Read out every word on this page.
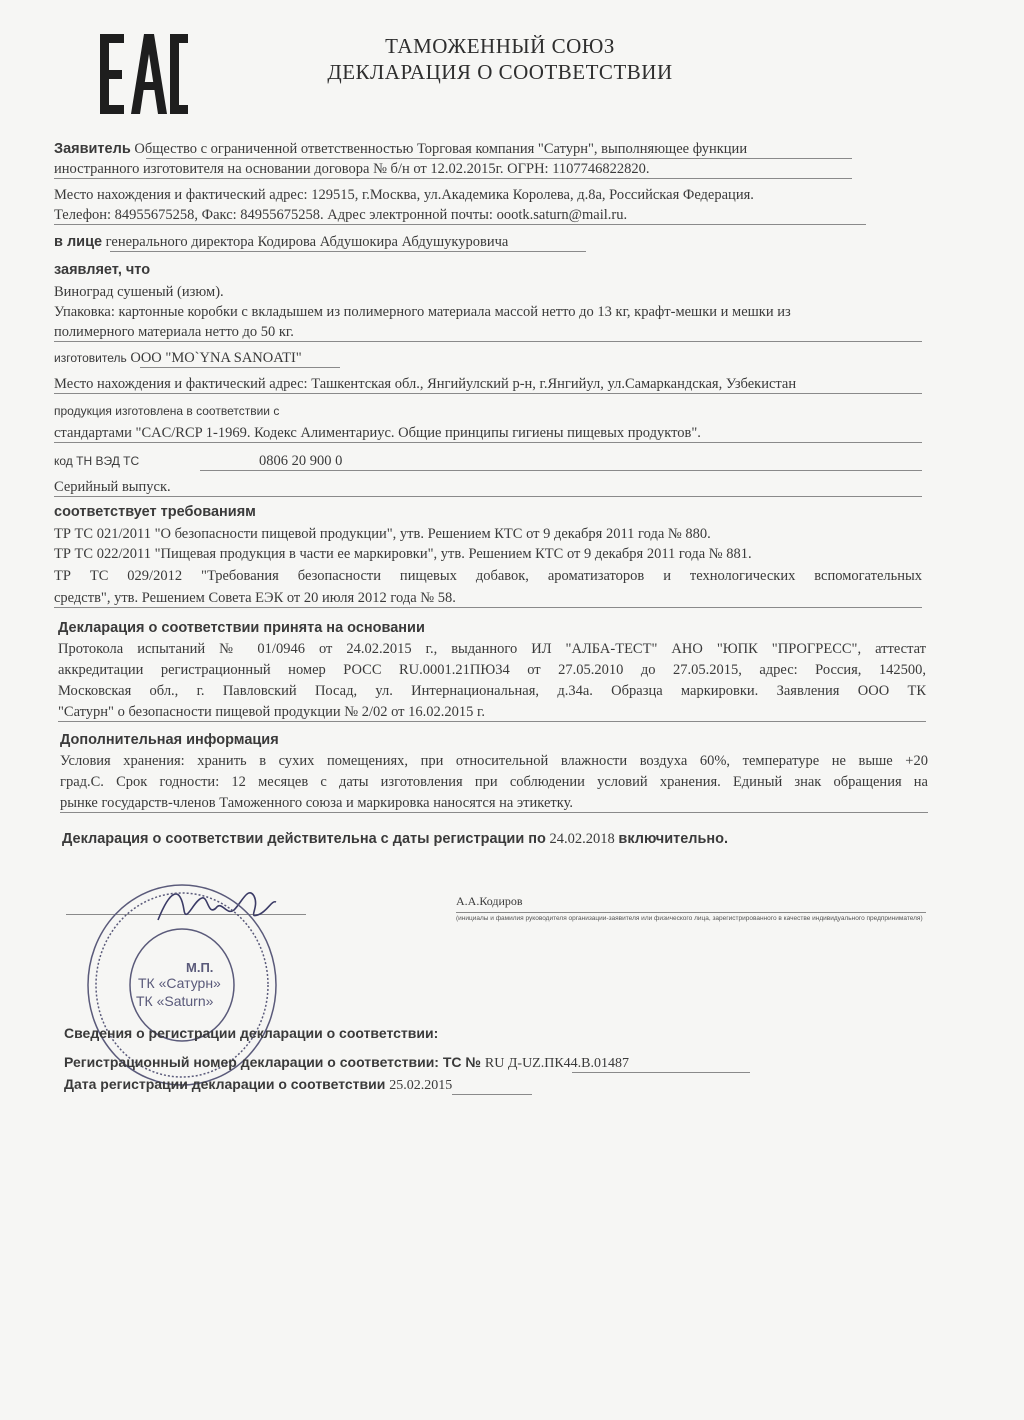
ТАМОЖЕННЫЙ СОЮЗ
ДЕКЛАРАЦИЯ О СООТВЕТСТВИИ
Заявитель Общество с ограниченной ответственностью Торговая компания "Сатурн", выполняющее функции
иностранного изготовителя на основании договора № б/н от 12.02.2015г. ОГРН: 1107746822820.
Место нахождения и фактический адрес: 129515, г.Москва, ул.Академика Королева, д.8а, Российская Федерация.
Телефон: 84955675258, Факс: 84955675258. Адрес электронной почты: oootk.saturn@mail.ru.
в лице генерального директора Кодирова Абдушокира Абдушукуровича
заявляет, что
Виноград сушеный (изюм).
Упаковка: картонные коробки с вкладышем из полимерного материала массой нетто до 13 кг, крафт-мешки и мешки из
полимерного материала нетто до 50 кг.
изготовитель ООО "MO`YNA SANOATI"
Место нахождения и фактический адрес: Ташкентская обл., Янгийулский р-н, г.Янгийул, ул.Самаркандская, Узбекистан
продукция изготовлена в соответствии с
стандартами "CAC/RCP 1-1969. Кодекс Алиментариус. Общие принципы гигиены пищевых продуктов".
код ТН ВЭД ТС	0806 20 900 0
Серийный выпуск.
соответствует требованиям
ТР ТС 021/2011 "О безопасности пищевой продукции", утв. Решением КТС от 9 декабря 2011 года № 880.
ТР ТС 022/2011 "Пищевая продукция в части ее маркировки", утв. Решением КТС от 9 декабря 2011 года № 881.
ТР ТС 029/2012 "Требования безопасности пищевых добавок, ароматизаторов и технологических вспомогательных
средств", утв. Решением Совета ЕЭК от 20 июля 2012 года № 58.
Декларация о соответствии принята на основании
Протокола испытаний № 01/0946 от 24.02.2015 г., выданного ИЛ "АЛБА-ТЕСТ" АНО "ЮПК "ПРОГРЕСС", аттестат
аккредитации регистрационный номер РОСС RU.0001.21ПЮ34 от 27.05.2010 до 27.05.2015, адрес: Россия, 142500,
Московская обл., г. Павловский Посад, ул. Интернациональная, д.34а. Образца маркировки. Заявления ООО ТК
"Сатурн" о безопасности пищевой продукции № 2/02 от 16.02.2015 г.
Дополнительная информация
Условия хранения: хранить в сухих помещениях, при относительной влажности воздуха 60%, температуре не выше +20
град.С. Срок годности: 12 месяцев с даты изготовления при соблюдении условий хранения. Единый знак обращения на
рынке государств-членов Таможенного союза и маркировка наносятся на этикетку.
Декларация о соответствии действительна с даты регистрации по 24.02.2018 включительно.
А.А.Кодиров
(инициалы и фамилия руководителя организации-заявителя или физического лица, зарегистрированного в качестве индивидуального предпринимателя)
М.П.
ТК «Сатурн»
ТК «Saturn»
Сведения о регистрации декларации о соответствии:
Регистрационный номер декларации о соответствии: ТС № RU Д-UZ.ПК44.В.01487
Дата регистрации декларации о соответствии 25.02.2015
